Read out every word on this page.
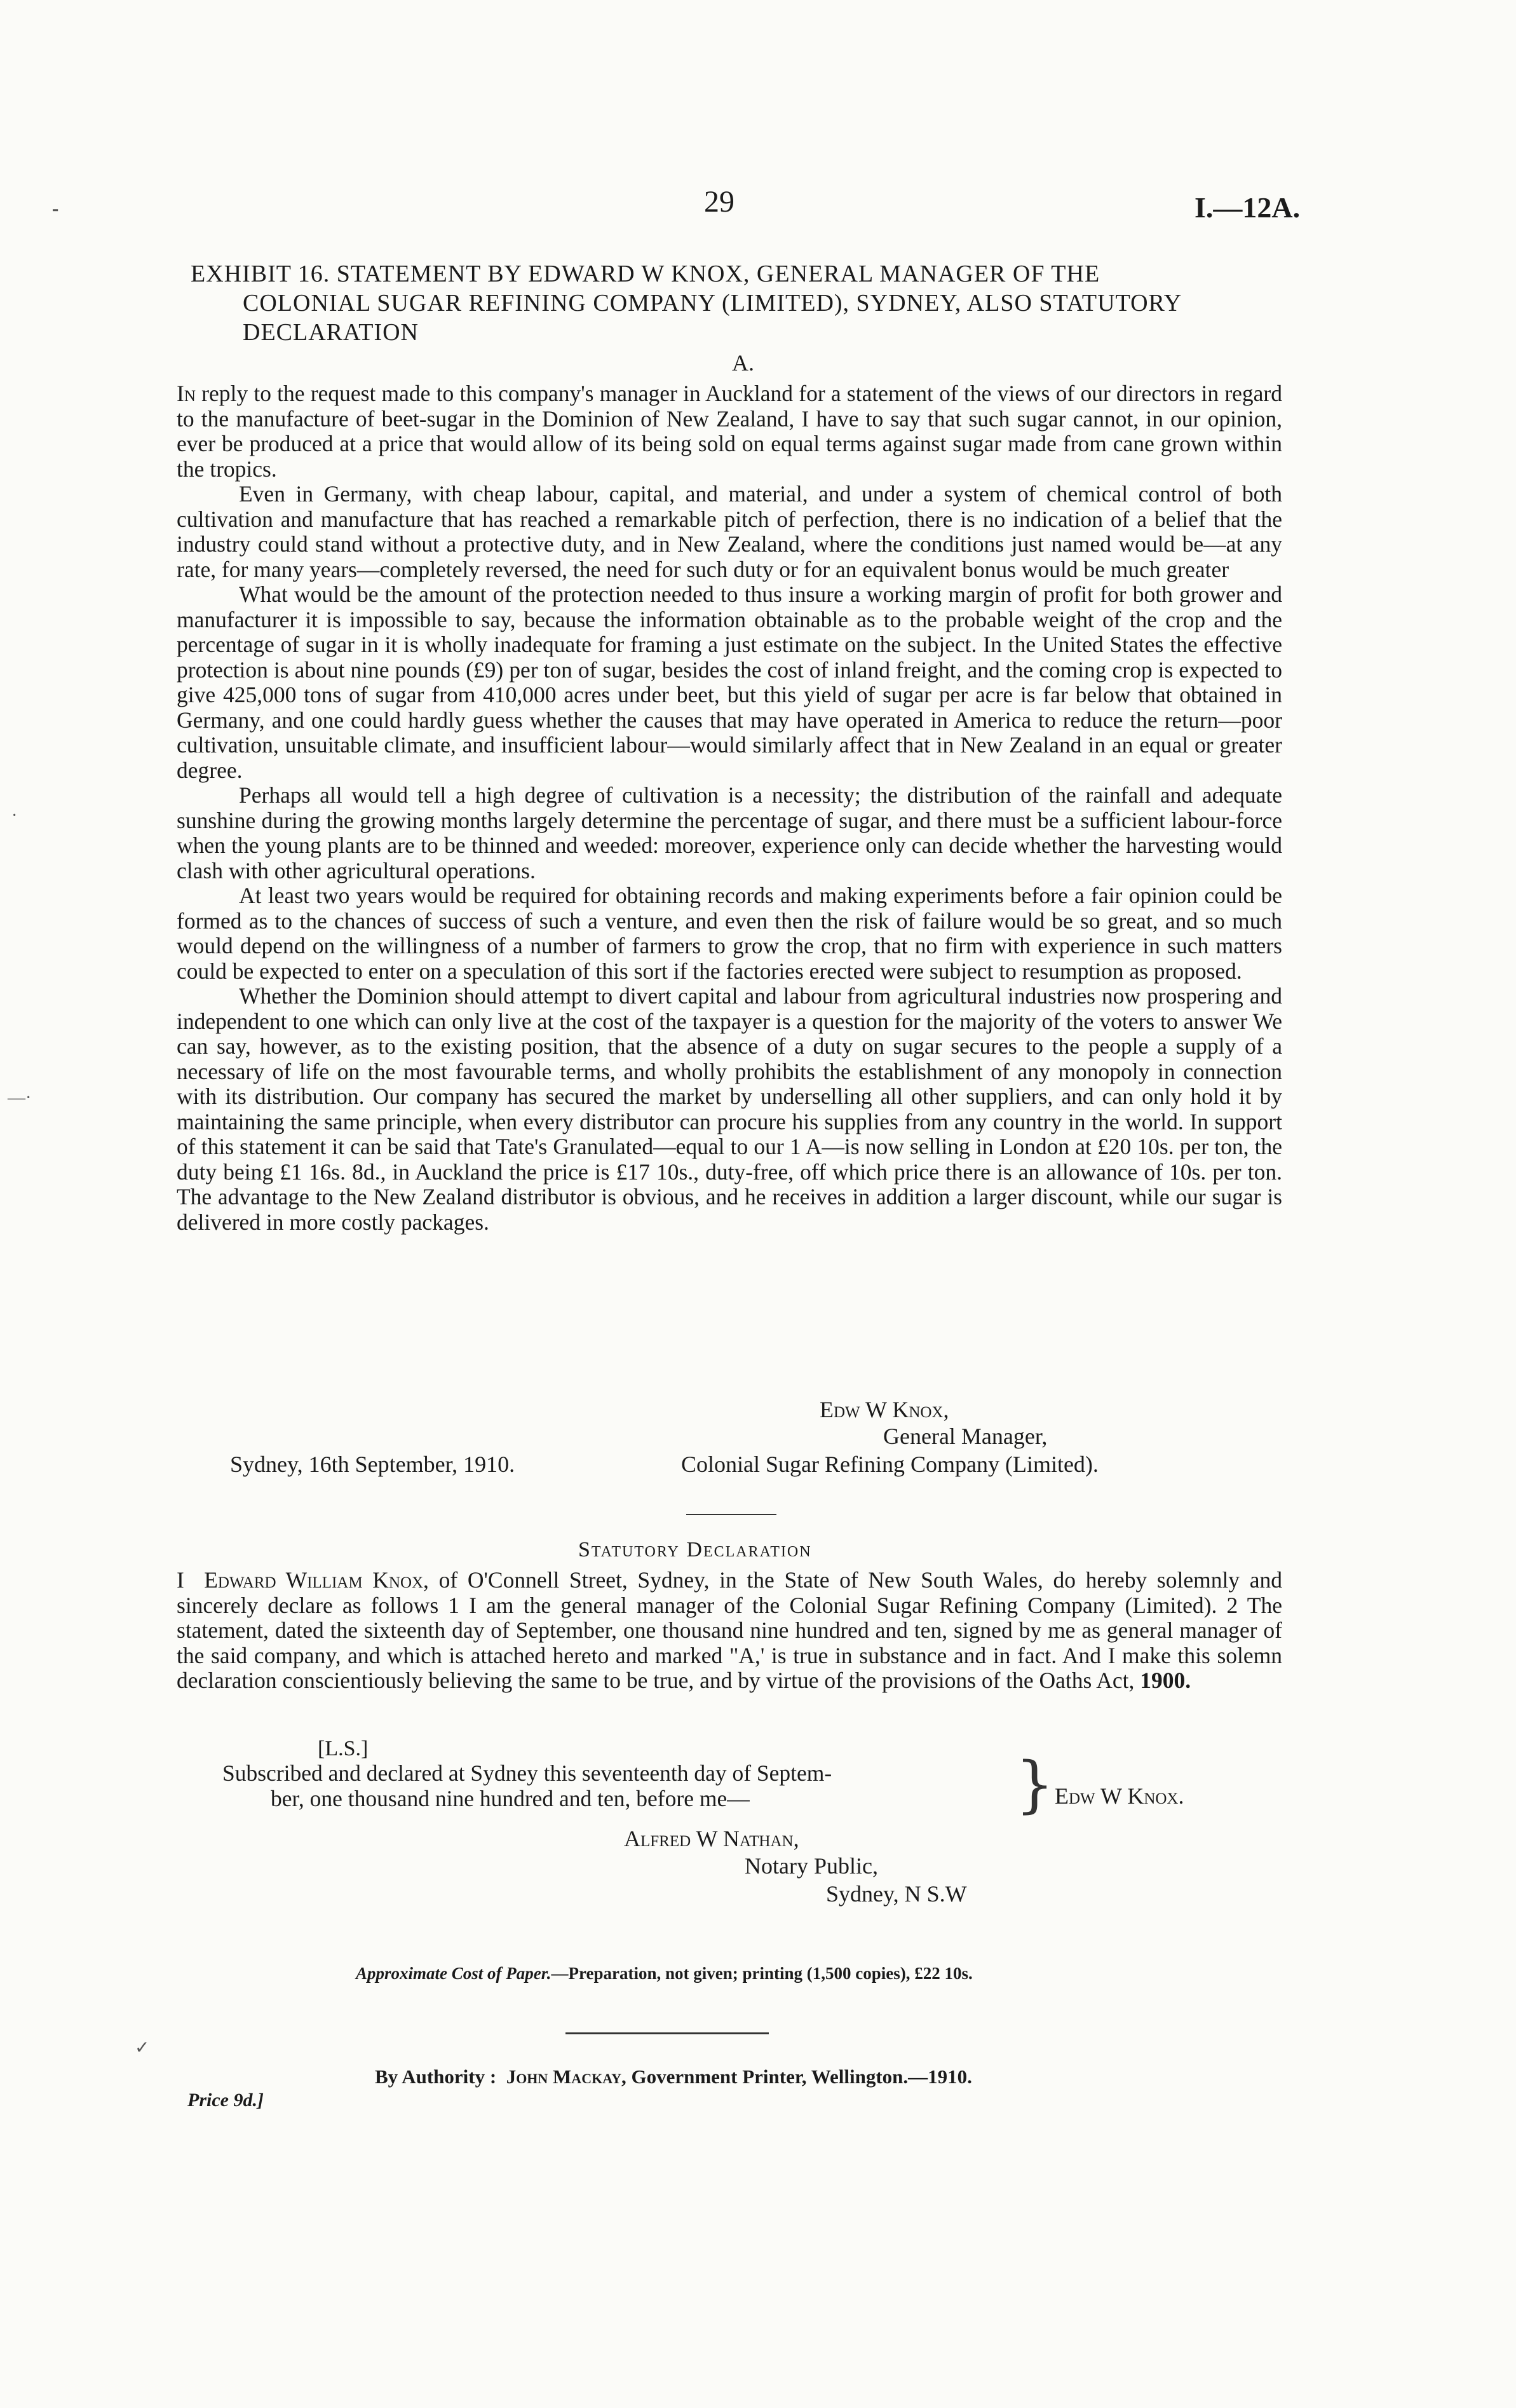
29	I.—12A.
EXHIBIT 16. STATEMENT BY EDWARD W KNOX, GENERAL MANAGER OF THE
COLONIAL SUGAR REFINING COMPANY (LIMITED), SYDNEY, ALSO STATUTORY
DECLARATION
A.

In reply to the request made to this company's manager in Auckland for a statement of the views of our directors in regard to the manufacture of beet-sugar in the Dominion of New Zealand, I have to say that such sugar cannot, in our opinion, ever be produced at a price that would allow of its being sold on equal terms against sugar made from cane grown within the tropics.

Even in Germany, with cheap labour, capital, and material, and under a system of chemical control of both cultivation and manufacture that has reached a remarkable pitch of perfection, there is no indication of a belief that the industry could stand without a protective duty, and in New Zealand, where the conditions just named would be—at any rate, for many years—completely reversed, the need for such duty or for an equivalent bonus would be much greater

What would be the amount of the protection needed to thus insure a working margin of profit for both grower and manufacturer it is impossible to say, because the information obtainable as to the probable weight of the crop and the percentage of sugar in it is wholly inadequate for framing a just estimate on the subject. In the United States the effective protection is about nine pounds (£9) per ton of sugar, besides the cost of inland freight, and the coming crop is expected to give 425,000 tons of sugar from 410,000 acres under beet, but this yield of sugar per acre is far below that obtained in Germany, and one could hardly guess whether the causes that may have operated in America to reduce the return—poor cultivation, unsuitable climate, and insufficient labour—would similarly affect that in New Zealand in an equal or greater degree.

Perhaps all would tell a high degree of cultivation is a necessity; the distribution of the rainfall and adequate sunshine during the growing months largely determine the percentage of sugar, and there must be a sufficient labour-force when the young plants are to be thinned and weeded: moreover, experience only can decide whether the harvesting would clash with other agricultural operations.

At least two years would be required for obtaining records and making experiments before a fair opinion could be formed as to the chances of success of such a venture, and even then the risk of failure would be so great, and so much would depend on the willingness of a number of farmers to grow the crop, that no firm with experience in such matters could be expected to enter on a speculation of this sort if the factories erected were subject to resumption as proposed.

Whether the Dominion should attempt to divert capital and labour from agricultural industries now prospering and independent to one which can only live at the cost of the taxpayer is a question for the majority of the voters to answer We can say, however, as to the existing position, that the absence of a duty on sugar secures to the people a supply of a necessary of life on the most favourable terms, and wholly prohibits the establishment of any monopoly in connection with its distribution. Our company has secured the market by underselling all other suppliers, and can only hold it by maintaining the same principle, when every distributor can procure his supplies from any country in the world. In support of this statement it can be said that Tate's Granulated—equal to our 1 A—is now selling in London at £20 10s. per ton, the duty being £1 16s. 8d., in Auckland the price is £17 10s., duty-free, off which price there is an allowance of 10s. per ton. The advantage to the New Zealand distributor is obvious, and he receives in addition a larger discount, while our sugar is delivered in more costly packages.

Edw W Knox,
General Manager,
Sydney, 16th September, 1910.	Colonial Sugar Refining Company (Limited).
Statutory Declaration

I Edward William Knox, of O'Connell Street, Sydney, in the State of New South Wales, do hereby solemnly and sincerely declare as follows 1 I am the general manager of the Colonial Sugar Refining Company (Limited). 2 The statement, dated the sixteenth day of September, one thousand nine hundred and ten, signed by me as general manager of the said company, and which is attached hereto and marked "A,' is true in substance and in fact. And I make this solemn declaration conscientiously believing the same to be true, and by virtue of the provisions of the Oaths Act, 1900.

[L.S.]
Subscribed and declared at Sydney this seventeenth day of Septem-
ber, one thousand nine hundred and ten, before me—	} Edw W Knox.
Alfred W Nathan,
Notary Public,
Sydney, N S.W
Approximate Cost of Paper.—Preparation, not given; printing (1,500 copies), £22 10s.
By Authority : John Mackay, Government Printer, Wellington.—1910.
Price 9d.]
⁃
·
—·
✓
